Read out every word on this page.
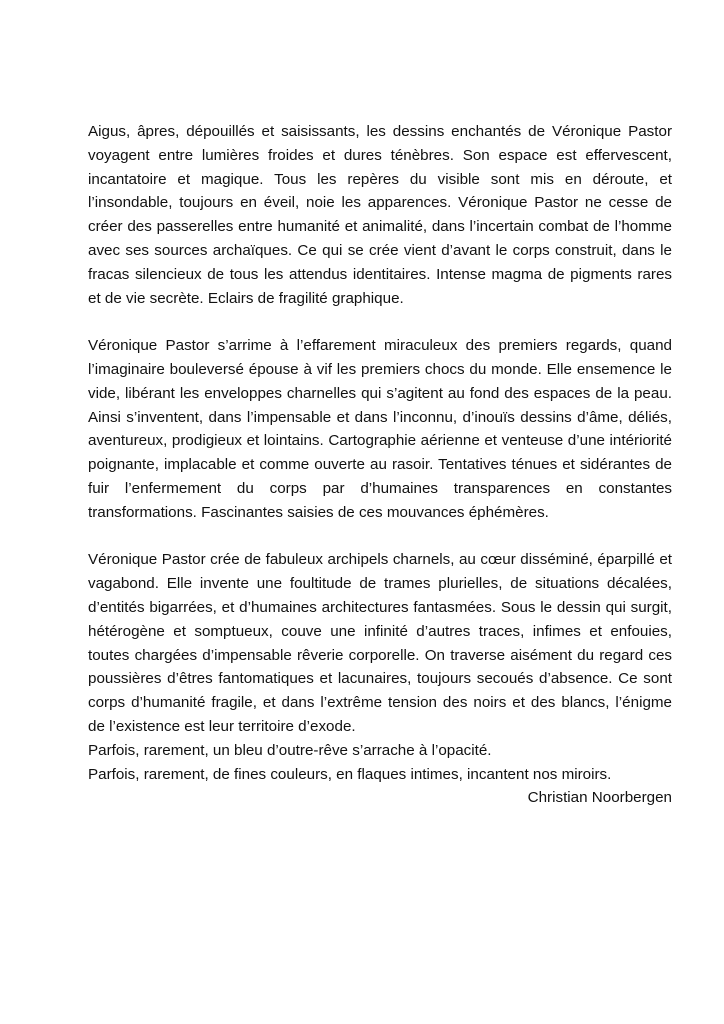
Aigus, âpres, dépouillés et saisissants, les dessins enchantés de Véronique Pastor voyagent entre lumières froides et dures ténèbres. Son espace est effervescent, incantatoire et magique. Tous les repères du visible sont mis en déroute, et l’insondable, toujours en éveil, noie les apparences. Véronique Pastor ne cesse de créer des passerelles entre humanité et animalité, dans l’incertain combat de l’homme avec ses sources archaïques. Ce qui se crée vient d’avant le corps construit, dans le fracas silencieux de tous les attendus identitaires. Intense magma de pigments rares et de vie secrète. Eclairs de fragilité graphique.

Véronique Pastor s’arrime à l’effarement miraculeux des premiers regards, quand l’imaginaire bouleversé épouse à vif les premiers chocs du monde. Elle ensemence le vide, libérant les enveloppes charnelles qui s’agitent au fond des espaces de la peau. Ainsi s’inventent, dans l’impensable et dans l’inconnu, d’inouïs dessins d’âme, déliés, aventureux, prodigieux et lointains. Cartographie aérienne et venteuse d’une intériorité poignante, implacable et comme ouverte au rasoir. Tentatives ténues et sidérantes de fuir l’enfermement du corps par d’humaines transparences en constantes transformations. Fascinantes saisies de ces mouvances éphémères.

Véronique Pastor crée de fabuleux archipels charnels, au cœur disséminé, éparpillé et vagabond. Elle invente une foultitude de trames plurielles, de situations décalées, d’entités bigarrées, et d’humaines architectures fantasmées. Sous le dessin qui surgit, hétérogène et somptueux, couve une infinité d’autres traces, infimes et enfouies, toutes chargées d’impensable rêverie corporelle. On traverse aisément du regard ces poussières d’êtres fantomatiques et lacunaires, toujours secoués d’absence. Ce sont corps d’humanité fragile, et dans l’extrême tension des noirs et des blancs, l’énigme de l’existence est leur territoire d’exode.

Parfois, rarement, un bleu d’outre-rêve s’arrache à l’opacité.

Parfois, rarement, de fines couleurs, en flaques intimes, incantent nos miroirs.

Christian Noorbergen
